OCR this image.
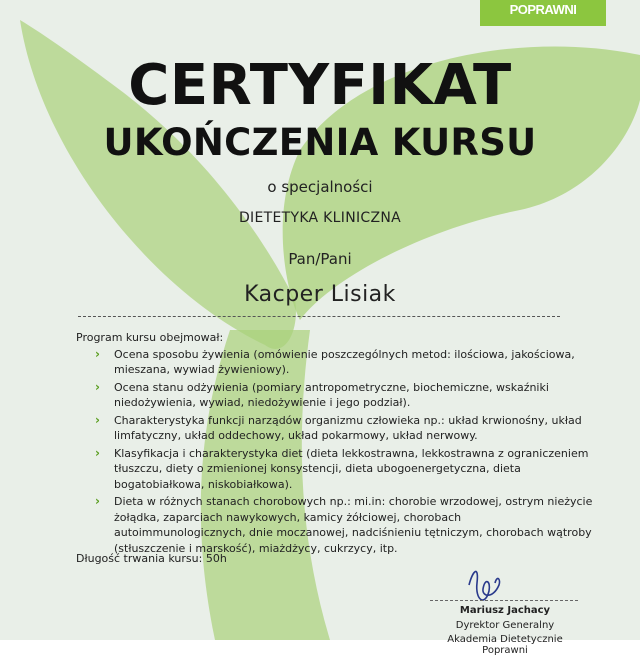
POPRAWNI
CERTYFIKAT
UKOŃCZENIA KURSU
o specjalności
DIETETYKA KLINICZNA
Pan/Pani
Kacper Lisiak

Program kursu obejmował:

› Ocena sposobu żywienia (omówienie poszczególnych metod: ilościowa, jakościowa, mieszana, wywiad żywieniowy).
› Ocena stanu odżywienia (pomiary antropometryczne, biochemiczne, wskaźniki niedożywienia, wywiad, niedożywienie i jego podział).
› Charakterystyka funkcji narządów organizmu człowieka np.: układ krwionośny, układ limfatyczny, układ oddechowy, układ pokarmowy, układ nerwowy.
› Klasyfikacja i charakterystyka diet (dieta lekkostrawna, lekkostrawna z ograniczeniem tłuszczu, diety o zmienionej konsystencji, dieta ubogoenergetyczna, dieta bogatobiałkowa, niskobiałkowa).
› Dieta w różnych stanach chorobowych np.: mi.in: chorobie wrzodowej, ostrym nieżycie żołądka, zaparciach nawykowych, kamicy żółciowej, chorobach autoimmunologicznych, dnie moczanowej, nadciśnieniu tętniczym, chorobach wątroby (stłuszczenie i marskość), miażdżycy, cukrzycy, itp.
Długość trwania kursu: 50h
Mariusz Jachacy
Dyrektor Generalny
Akademia Dietetycznie Poprawni
